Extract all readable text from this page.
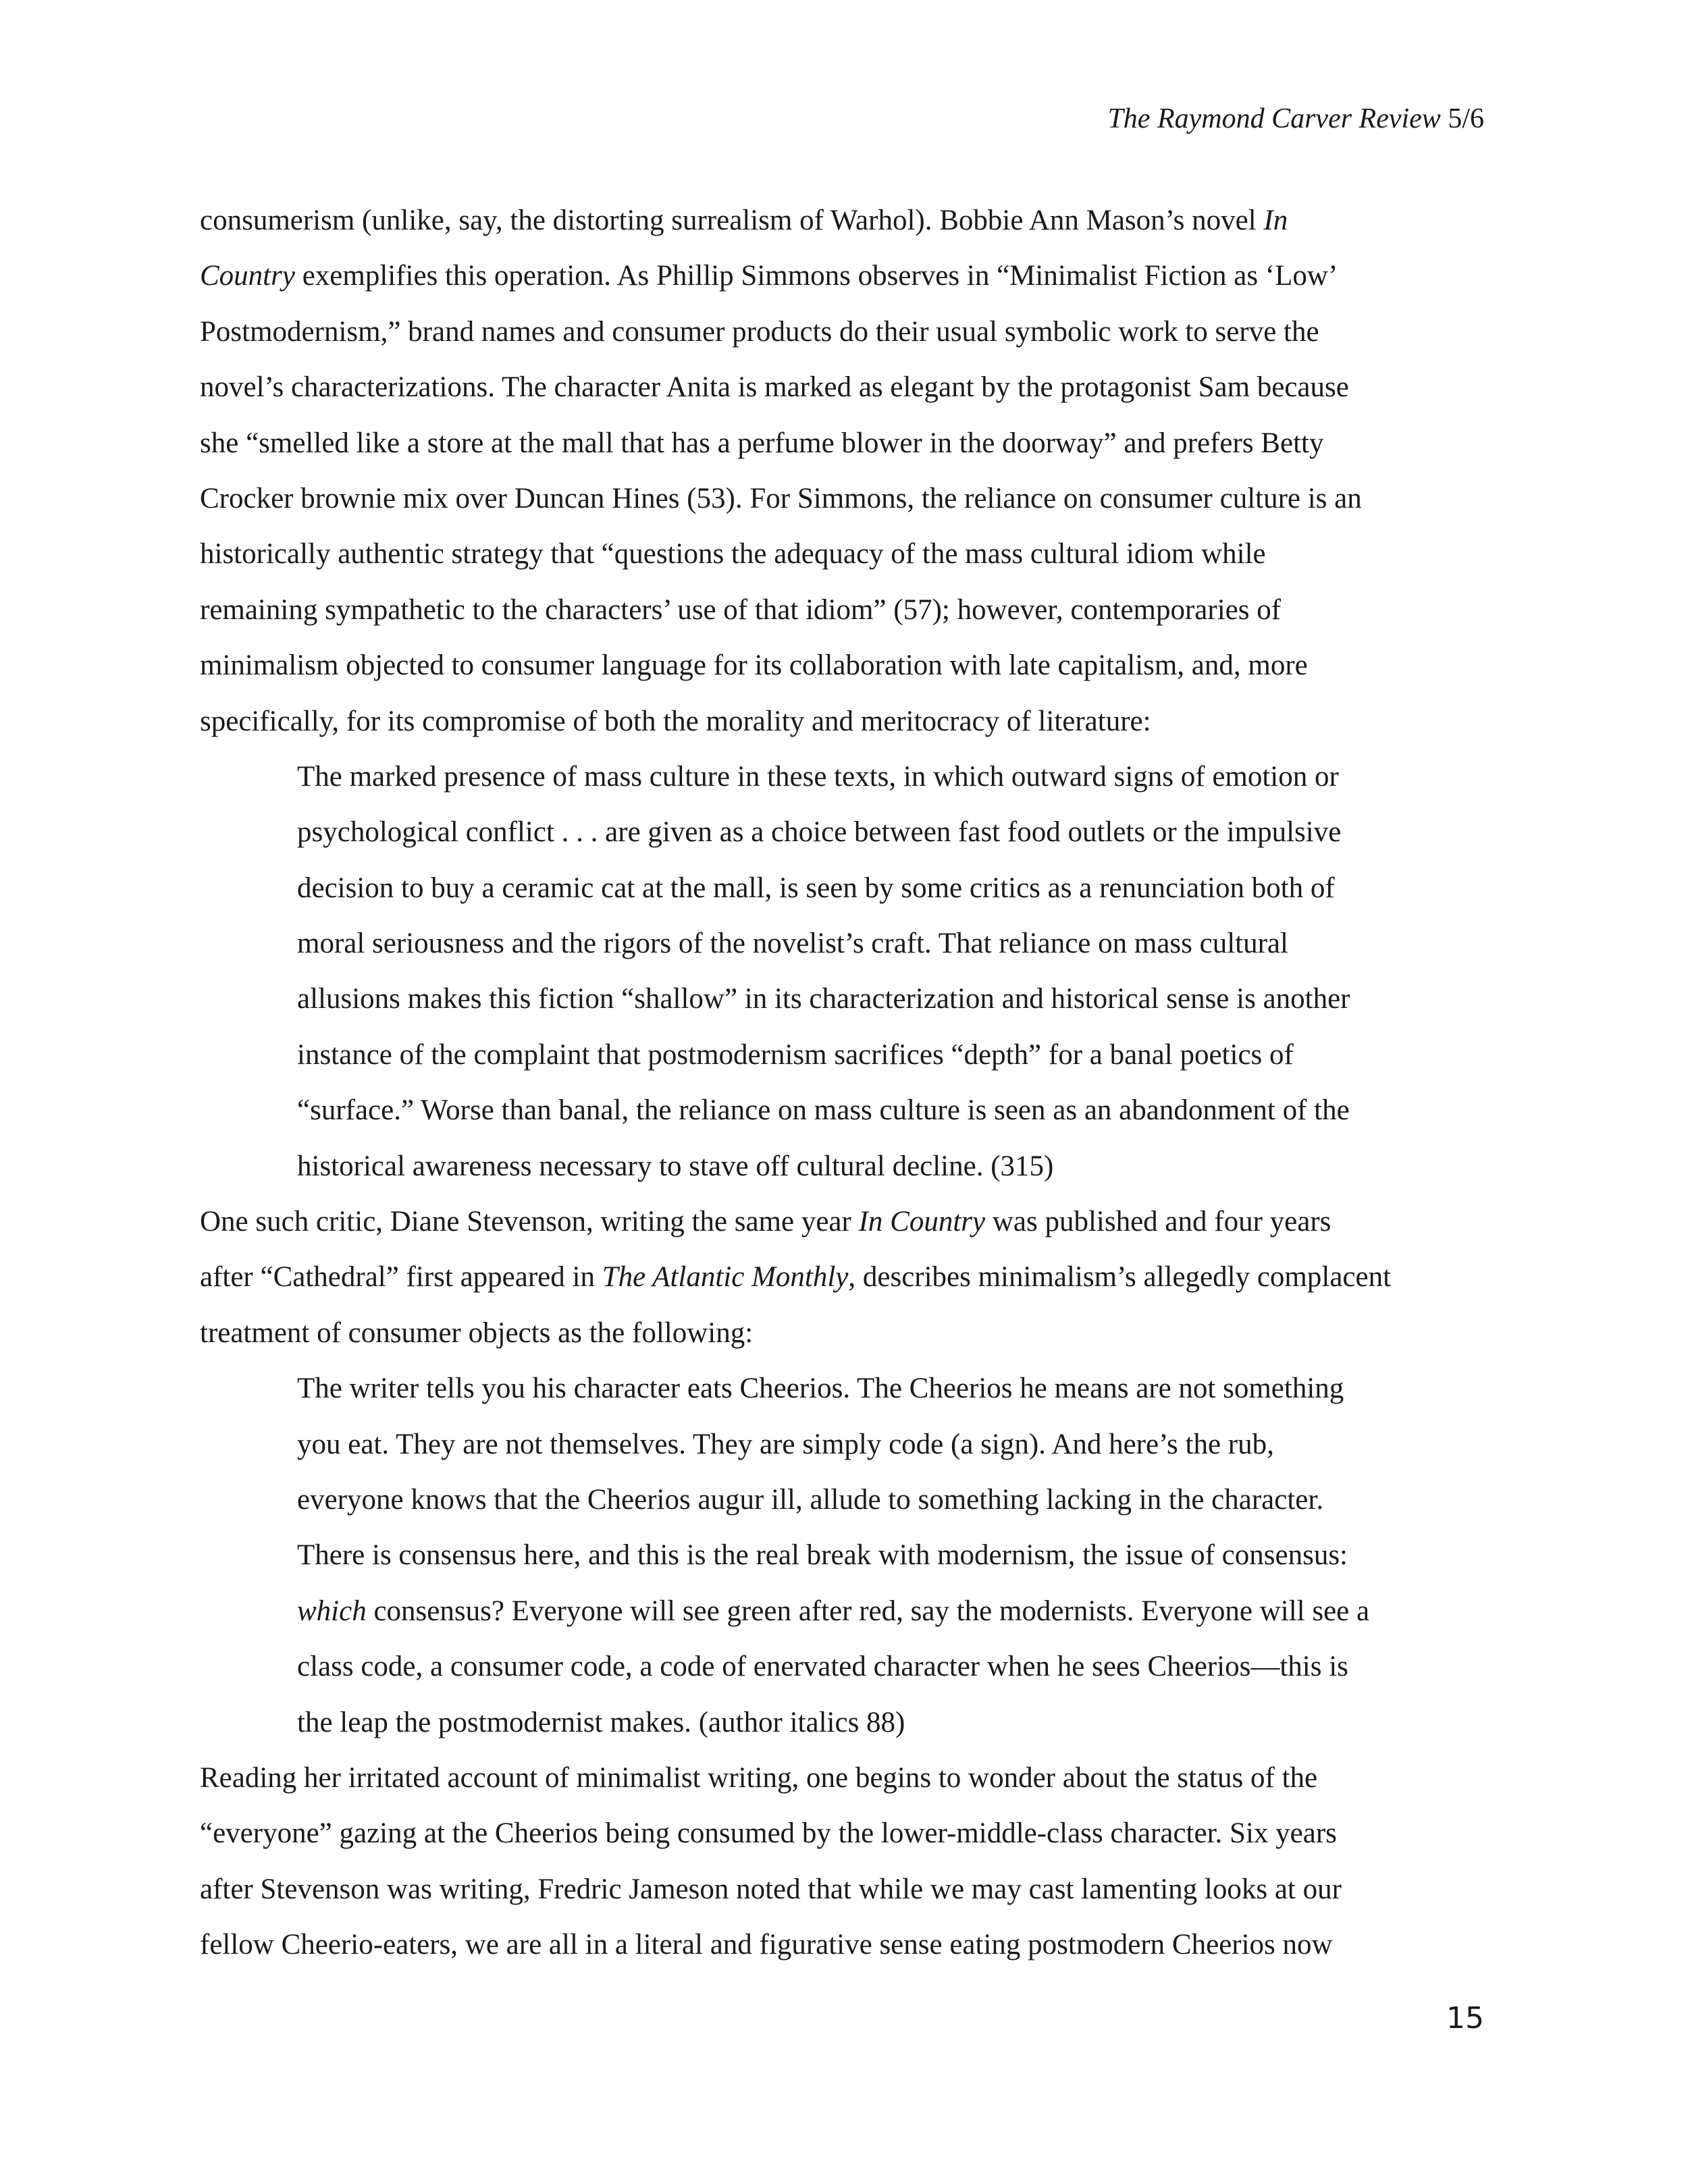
The Raymond Carver Review 5/6
consumerism (unlike, say, the distorting surrealism of Warhol). Bobbie Ann Mason’s novel In
Country exemplifies this operation. As Phillip Simmons observes in “Minimalist Fiction as ‘Low’
Postmodernism,” brand names and consumer products do their usual symbolic work to serve the
novel’s characterizations. The character Anita is marked as elegant by the protagonist Sam because
she “smelled like a store at the mall that has a perfume blower in the doorway” and prefers Betty
Crocker brownie mix over Duncan Hines (53). For Simmons, the reliance on consumer culture is an
historically authentic strategy that “questions the adequacy of the mass cultural idiom while
remaining sympathetic to the characters’ use of that idiom” (57); however, contemporaries of
minimalism objected to consumer language for its collaboration with late capitalism, and, more
specifically, for its compromise of both the morality and meritocracy of literature:
The marked presence of mass culture in these texts, in which outward signs of emotion or
psychological conflict . . . are given as a choice between fast food outlets or the impulsive
decision to buy a ceramic cat at the mall, is seen by some critics as a renunciation both of
moral seriousness and the rigors of the novelist’s craft. That reliance on mass cultural
allusions makes this fiction “shallow” in its characterization and historical sense is another
instance of the complaint that postmodernism sacrifices “depth” for a banal poetics of
“surface.” Worse than banal, the reliance on mass culture is seen as an abandonment of the
historical awareness necessary to stave off cultural decline. (315)
One such critic, Diane Stevenson, writing the same year In Country was published and four years
after “Cathedral” first appeared in The Atlantic Monthly, describes minimalism’s allegedly complacent
treatment of consumer objects as the following:
The writer tells you his character eats Cheerios. The Cheerios he means are not something
you eat. They are not themselves. They are simply code (a sign). And here’s the rub,
everyone knows that the Cheerios augur ill, allude to something lacking in the character.
There is consensus here, and this is the real break with modernism, the issue of consensus:
which consensus? Everyone will see green after red, say the modernists. Everyone will see a
class code, a consumer code, a code of enervated character when he sees Cheerios—this is
the leap the postmodernist makes. (author italics 88)
Reading her irritated account of minimalist writing, one begins to wonder about the status of the
“everyone” gazing at the Cheerios being consumed by the lower-middle-class character. Six years
after Stevenson was writing, Fredric Jameson noted that while we may cast lamenting looks at our
fellow Cheerio-eaters, we are all in a literal and figurative sense eating postmodern Cheerios now
15
